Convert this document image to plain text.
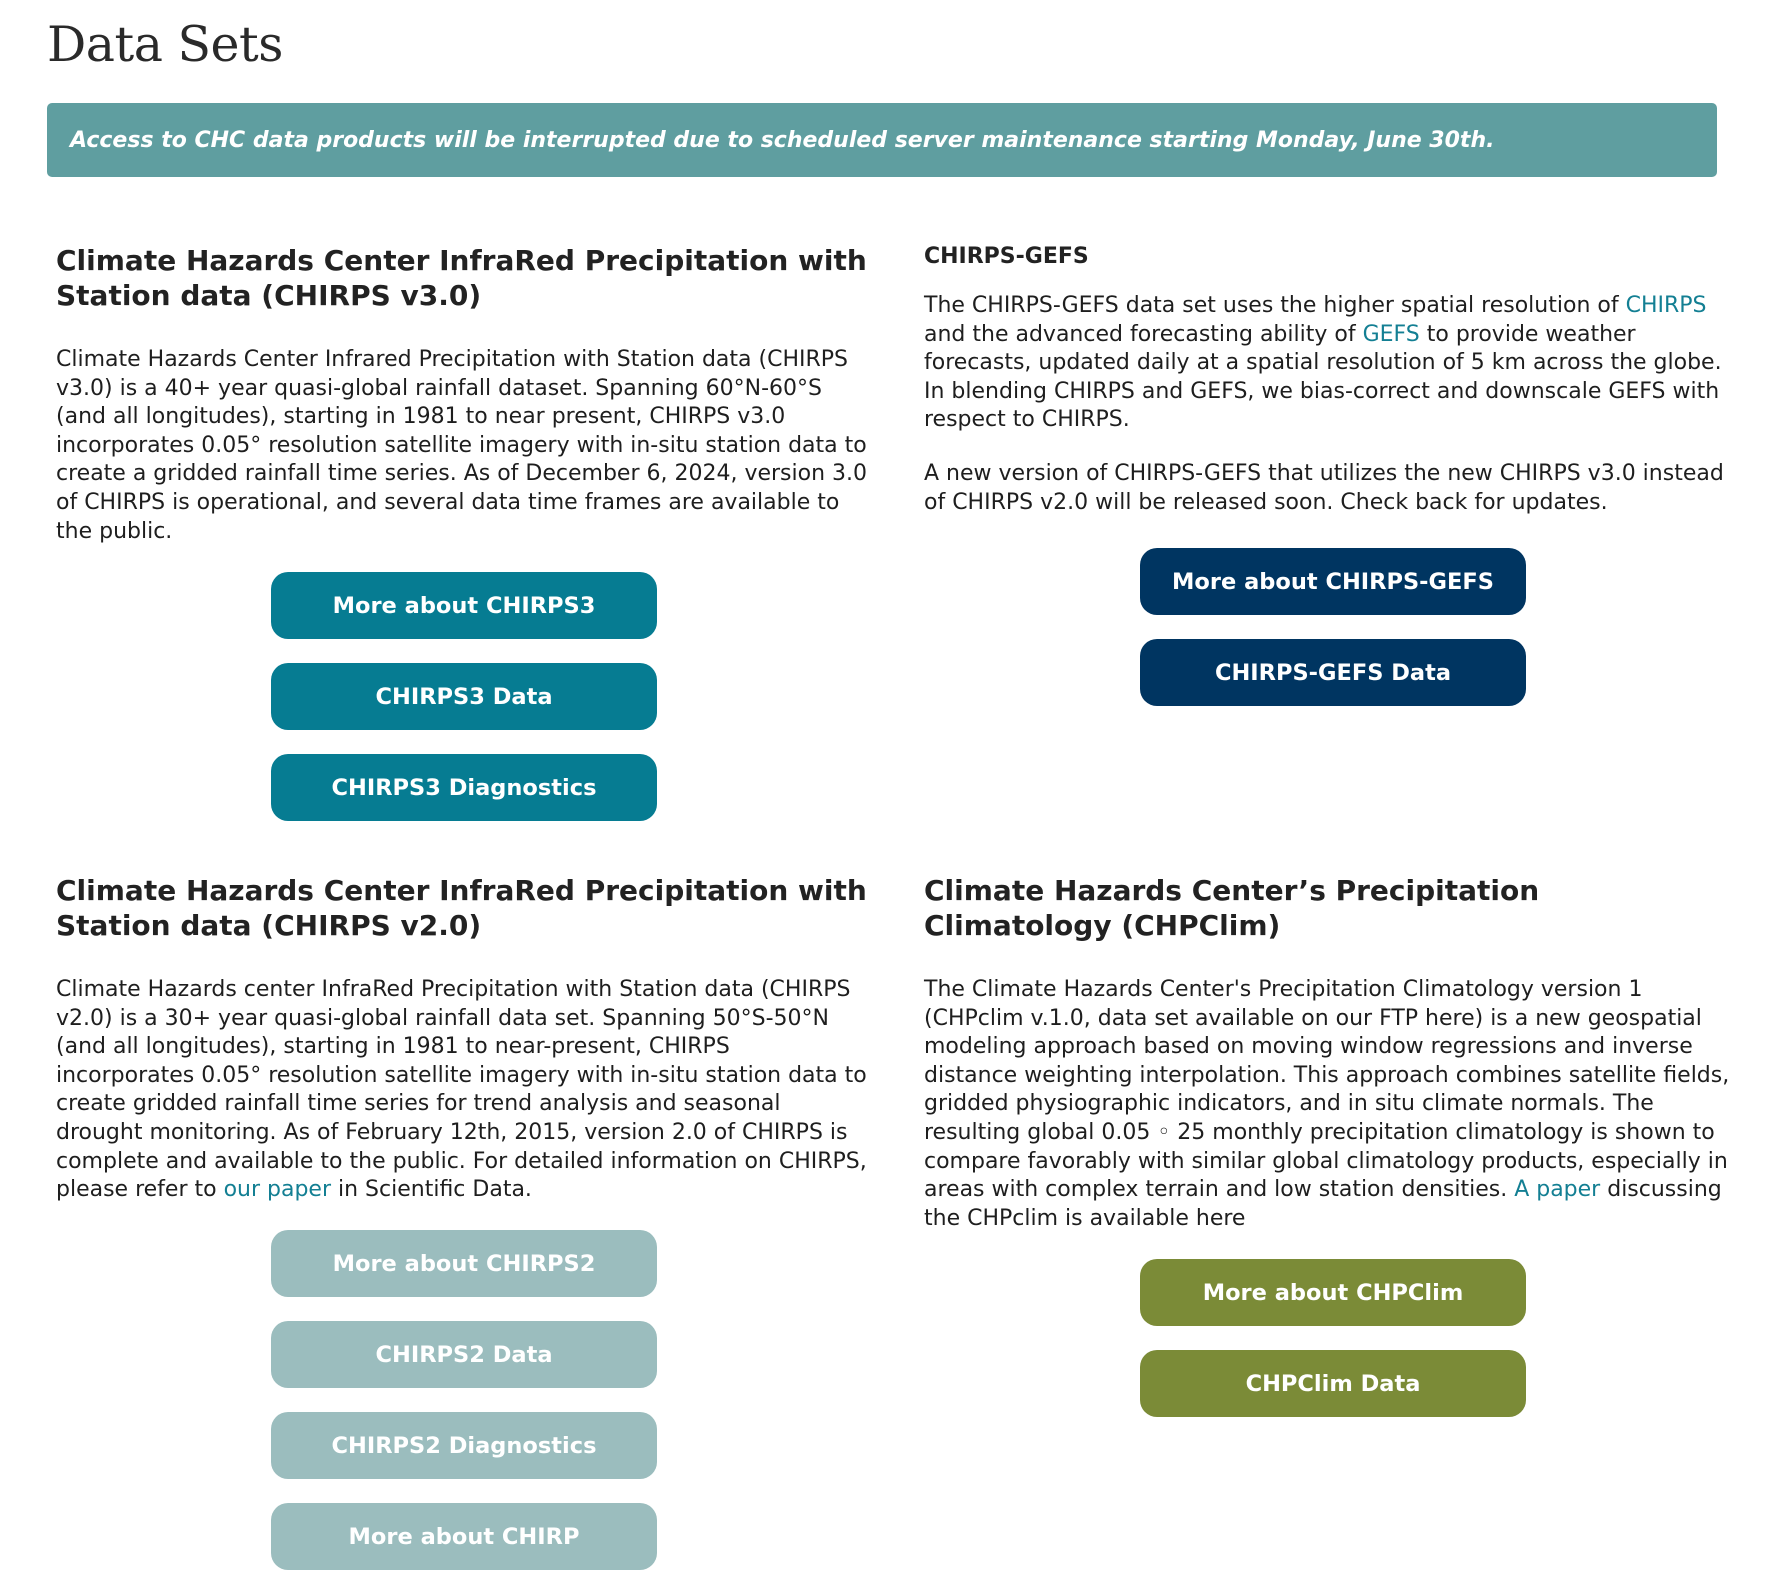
Data Sets
Access to CHC data products will be interrupted due to scheduled server maintenance starting Monday, June 30th.
Climate Hazards Center InfraRed Precipitation with Station data (CHIRPS v3.0)

Climate Hazards Center Infrared Precipitation with Station data (CHIRPS v3.0) is a 40+ year quasi-global rainfall dataset. Spanning 60°N-60°S (and all longitudes), starting in 1981 to near present, CHIRPS v3.0 incorporates 0.05° resolution satellite imagery with in-situ station data to create a gridded rainfall time series. As of December 6, 2024, version 3.0 of CHIRPS is operational, and several data time frames are available to the public.

More about CHIRPS3
CHIRPS3 Data
CHIRPS3 Diagnostics
CHIRPS-GEFS

The CHIRPS-GEFS data set uses the higher spatial resolution of CHIRPS and the advanced forecasting ability of GEFS to provide weather forecasts, updated daily at a spatial resolution of 5 km across the globe. In blending CHIRPS and GEFS, we bias-correct and downscale GEFS with respect to CHIRPS.

A new version of CHIRPS-GEFS that utilizes the new CHIRPS v3.0 instead of CHIRPS v2.0 will be released soon. Check back for updates.

More about CHIRPS-GEFS
CHIRPS-GEFS Data
Climate Hazards Center InfraRed Precipitation with Station data (CHIRPS v2.0)

Climate Hazards center InfraRed Precipitation with Station data (CHIRPS v2.0) is a 30+ year quasi-global rainfall data set. Spanning 50°S-50°N (and all longitudes), starting in 1981 to near-present, CHIRPS incorporates 0.05° resolution satellite imagery with in-situ station data to create gridded rainfall time series for trend analysis and seasonal drought monitoring. As of February 12th, 2015, version 2.0 of CHIRPS is complete and available to the public. For detailed information on CHIRPS, please refer to our paper in Scientific Data.

More about CHIRPS2
CHIRPS2 Data
CHIRPS2 Diagnostics
More about CHIRP
Climate Hazards Center’s Precipitation Climatology (CHPClim)

The Climate Hazards Center's Precipitation Climatology version 1 (CHPclim v.1.0, data set available on our FTP here) is a new geospatial modeling approach based on moving window regressions and inverse distance weighting interpolation. This approach combines satellite fields, gridded physiographic indicators, and in situ climate normals. The resulting global 0.05 ◦ 25 monthly precipitation climatology is shown to compare favorably with similar global climatology products, especially in areas with complex terrain and low station densities. A paper discussing the CHPclim is available here

More about CHPClim
CHPClim Data
